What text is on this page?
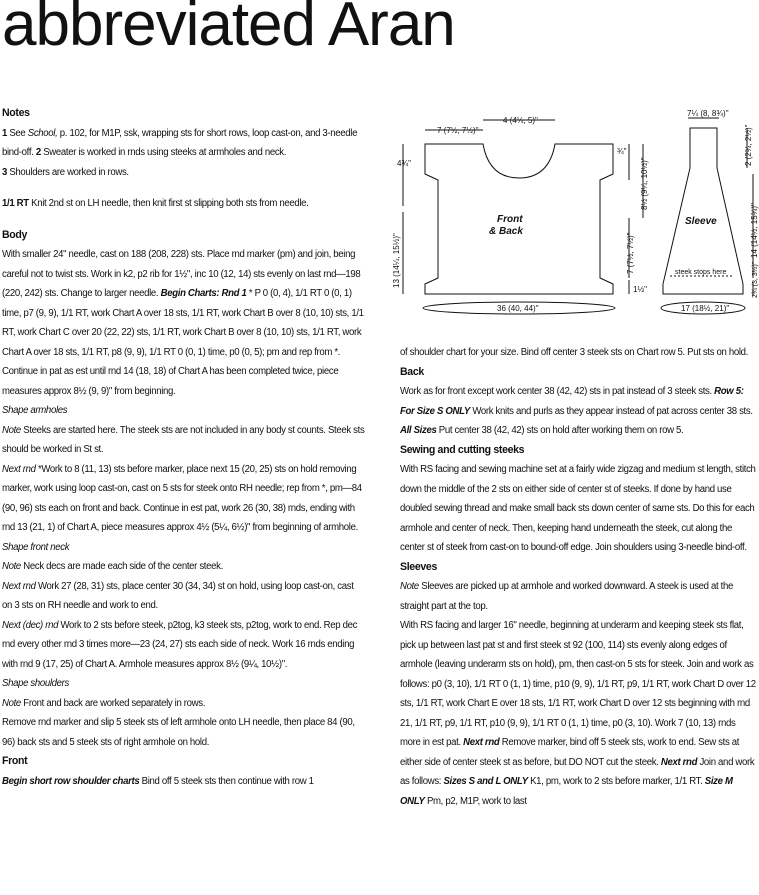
abbreviated Aran

Notes

1 See School, p. 102, for M1P, ssk, wrapping sts for short rows, loop cast-on, and 3-needle bind-off. 2 Sweater is worked in rnds using steeks at armholes and neck.
3 Shoulders are worked in rows.

1/1 RT Knit 2nd st on LH needle, then knit first st slipping both sts from needle.

Body

With smaller 24" needle, cast on 188 (208, 228) sts. Place rnd marker (pm) and join, being careful not to twist sts. Work in k2, p2 rib for 1½", inc 10 (12, 14) sts evenly on last rnd—198 (220, 242) sts. Change to larger needle. Begin Charts: Rnd 1 * P 0 (0, 4), 1/1 RT 0 (0, 1) time, p7 (9, 9), 1/1 RT, work Chart A over 18 sts, 1/1 RT, work Chart B over 8 (10, 10) sts, 1/1 RT, work Chart C over 20 (22, 22) sts, 1/1 RT, work Chart B over 8 (10, 10) sts, 1/1 RT, work Chart A over 18 sts, 1/1 RT, p8 (9, 9), 1/1 RT 0 (0, 1) time, p0 (0, 5); pm and rep from *. Continue in pat as est until rnd 14 (18, 18) of Chart A has been completed twice, piece measures approx 8½ (9, 9)" from beginning.

Shape armholes

Note Steeks are started here. The steek sts are not included in any body st counts. Steek sts should be worked in St st.

Next rnd *Work to 8 (11, 13) sts before marker, place next 15 (20, 25) sts on hold removing marker, work using loop cast-on, cast on 5 sts for steek onto RH needle; rep from *, pm—84 (90, 96) sts each on front and back. Continue in est pat, work 26 (30, 38) rnds, ending with rnd 13 (21, 1) of Chart A, piece measures approx 4½ (5¼, 6½)" from beginning of armhole.

Shape front neck

Note Neck decs are made each side of the center steek.

Next rnd Work 27 (28, 31) sts, place center 30 (34, 34) st on hold, using loop cast-on, cast on 3 sts on RH needle and work to end.

Next (dec) rnd Work to 2 sts before steek, p2tog, k3 steek sts, p2tog, work to end. Rep dec rnd every other rnd 3 times more—23 (24, 27) sts each side of neck. Work 16 rnds ending with rnd 9 (17, 25) of Chart A. Armhole measures approx 8½ (9¼, 10½)".

Shape shoulders

Note Front and back are worked separately in rows.

Remove rnd marker and slip 5 steek sts of left armhole onto LH needle, then place 84 (90, 96) back sts and 5 steek sts of right armhole on hold.

Front

Begin short row shoulder charts Bind off 5 steek sts then continue with row 1

7 (7½, 7½)"
4 (4¼, 5)"
4¾"
13 (14¼, 15½)"
¾"
8½ (9¼, 10½)"
7 (7½, 7½)"
1½"
36 (40, 44)"
Front
& Back
7¼ (8, 8¾)"
2 (2¾, 2½)"
14 (14½, 15¾)"
2¾ (3, 3½)"
steek stops here
Sleeve
17 (18½, 21)"

of shoulder chart for your size. Bind off center 3 steek sts on Chart row 5. Put sts on hold.

Back

Work as for front except work center 38 (42, 42) sts in pat instead of 3 steek sts. Row 5: For Size S ONLY Work knits and purls as they appear instead of pat across center 38 sts. All Sizes Put center 38 (42, 42) sts on hold after working them on row 5.

Sewing and cutting steeks

With RS facing and sewing machine set at a fairly wide zigzag and medium st length, stitch down the middle of the 2 sts on either side of center st of steeks. If done by hand use doubled sewing thread and make small back sts down center of same sts. Do this for each armhole and center of neck. Then, keeping hand underneath the steek, cut along the center st of steek from cast-on to bound-off edge. Join shoulders using 3-needle bind-off.

Sleeves

Note Sleeves are picked up at armhole and worked downward. A steek is used at the straight part at the top.

With RS facing and larger 16" needle, beginning at underarm and keeping steek sts flat, pick up between last pat st and first steek st 92 (100, 114) sts evenly along edges of armhole (leaving underarm sts on hold), pm, then cast-on 5 sts for steek. Join and work as follows: p0 (3, 10), 1/1 RT 0 (1, 1) time, p10 (9, 9), 1/1 RT, p9, 1/1 RT, work Chart D over 12 sts, 1/1 RT, work Chart E over 18 sts, 1/1 RT, work Chart D over 12 sts beginning with rnd 21, 1/1 RT, p9, 1/1 RT, p10 (9, 9), 1/1 RT 0 (1, 1) time, p0 (3, 10). Work 7 (10, 13) rnds more in est pat. Next rnd Remove marker, bind off 5 steek sts, work to end. Sew sts at either side of center steek st as before, but DO NOT cut the steek. Next rnd Join and work as follows: Sizes S and L ONLY K1, pm, work to 2 sts before marker, 1/1 RT. Size M ONLY Pm, p2, M1P, work to last
